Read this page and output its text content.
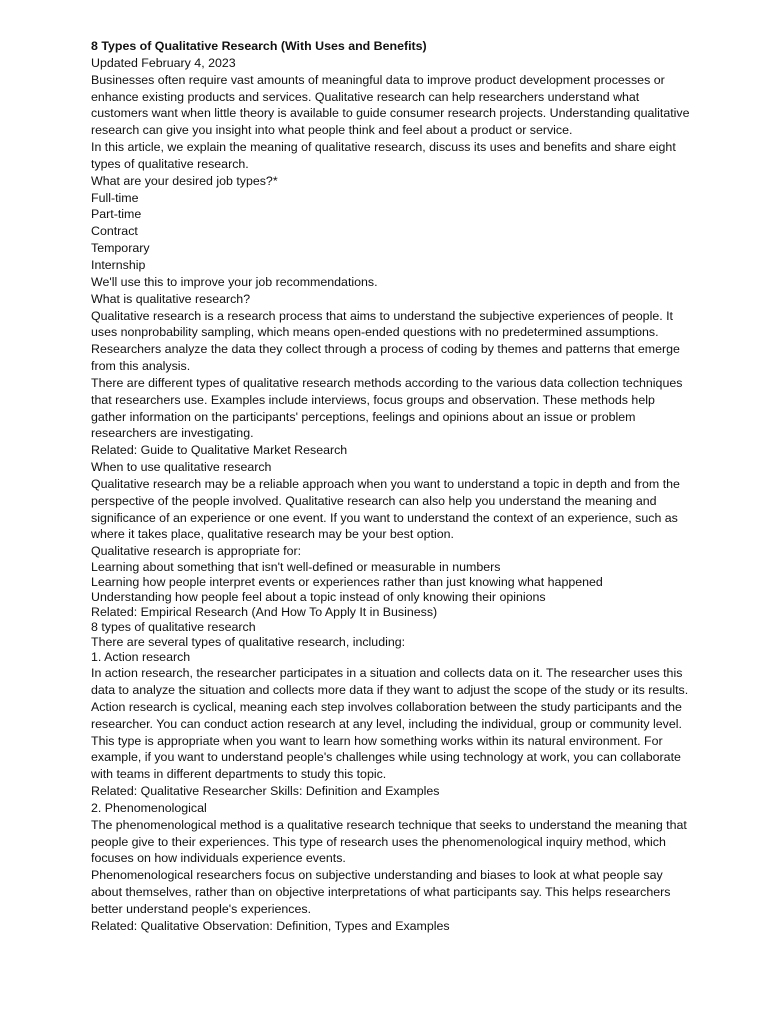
8 Types of Qualitative Research (With Uses and Benefits)

Updated February 4, 2023

Businesses often require vast amounts of meaningful data to improve product development processes or enhance existing products and services. Qualitative research can help researchers understand what customers want when little theory is available to guide consumer research projects. Understanding qualitative research can give you insight into what people think and feel about a product or service.

In this article, we explain the meaning of qualitative research, discuss its uses and benefits and share eight types of qualitative research.

What are your desired job types?*

Full-time

Part-time

Contract

Temporary

Internship

We'll use this to improve your job recommendations.

What is qualitative research?

Qualitative research is a research process that aims to understand the subjective experiences of people. It uses nonprobability sampling, which means open-ended questions with no predetermined assumptions. Researchers analyze the data they collect through a process of coding by themes and patterns that emerge from this analysis.

There are different types of qualitative research methods according to the various data collection techniques that researchers use. Examples include interviews, focus groups and observation. These methods help gather information on the participants' perceptions, feelings and opinions about an issue or problem researchers are investigating.

Related: Guide to Qualitative Market Research

When to use qualitative research

Qualitative research may be a reliable approach when you want to understand a topic in depth and from the perspective of the people involved. Qualitative research can also help you understand the meaning and significance of an experience or one event. If you want to understand the context of an experience, such as where it takes place, qualitative research may be your best option.

Qualitative research is appropriate for:

Learning about something that isn't well-defined or measurable in numbers

Learning how people interpret events or experiences rather than just knowing what happened

Understanding how people feel about a topic instead of only knowing their opinions

Related: Empirical Research (And How To Apply It in Business)

8 types of qualitative research

There are several types of qualitative research, including:

1. Action research

In action research, the researcher participates in a situation and collects data on it. The researcher uses this data to analyze the situation and collects more data if they want to adjust the scope of the study or its results. Action research is cyclical, meaning each step involves collaboration between the study participants and the researcher. You can conduct action research at any level, including the individual, group or community level.

This type is appropriate when you want to learn how something works within its natural environment. For example, if you want to understand people's challenges while using technology at work, you can collaborate with teams in different departments to study this topic.

Related: Qualitative Researcher Skills: Definition and Examples

2. Phenomenological

The phenomenological method is a qualitative research technique that seeks to understand the meaning that people give to their experiences. This type of research uses the phenomenological inquiry method, which focuses on how individuals experience events.

Phenomenological researchers focus on subjective understanding and biases to look at what people say about themselves, rather than on objective interpretations of what participants say. This helps researchers better understand people's experiences.

Related: Qualitative Observation: Definition, Types and Examples
